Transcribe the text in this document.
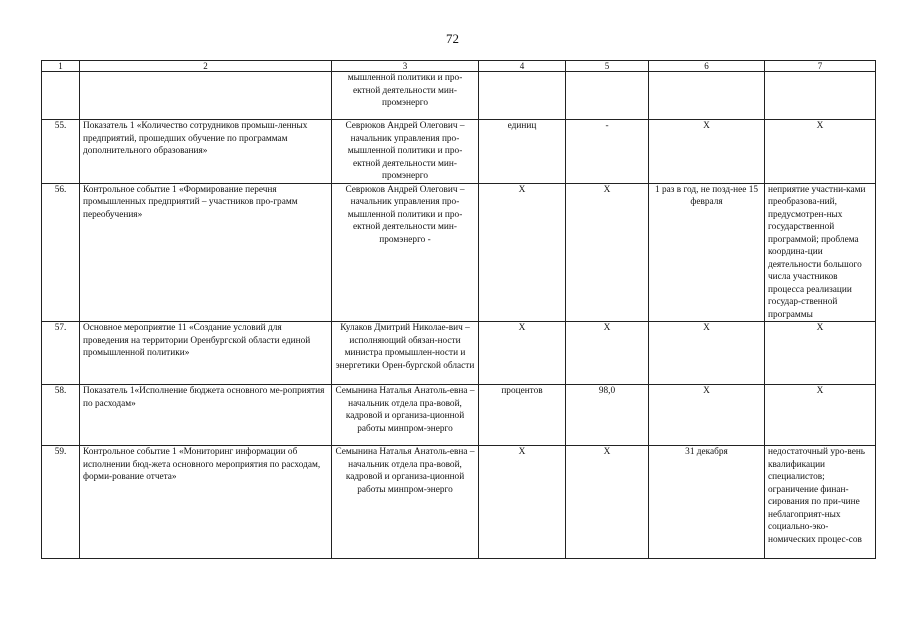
72
1	2	3	4	5	6	7
		мышленной политики и про-ектной деятельности мин-промэнерго				
55.	Показатель 1 «Количество сотрудников промыш-ленных предприятий, прошедших обучение по программам дополнительного образования»	Севрюков Андрей Олегович – начальник управления про-мышленной политики и про-ектной деятельности мин-промэнерго	единиц	-	Х	Х
56.	Контрольное событие 1 «Формирование перечня промышленных предприятий – участников про-грамм переобучения»	Севрюков Андрей Олегович – начальник управления про-мышленной политики и про-ектной деятельности мин-промэнерго -	Х	Х	1 раз в год, не позд-нее 15 февраля	неприятие участни-ками преобразова-ний, предусмотрен-ных государственной программой; проблема координа-ции деятельности большого числа участников процесса реализации государ-ственной программы
57.	Основное мероприятие 11 «Создание условий для проведения на территории Оренбургской области единой промышленной политики»	Кулаков Дмитрий Николае-вич – исполняющий обязан-ности министра промышлен-ности и энергетики Орен-бургской области	Х	Х	Х	Х
58.	Показатель 1«Исполнение бюджета основного ме-роприятия по расходам»	Семынина Наталья Анатоль-евна – начальник отдела пра-вовой, кадровой и организа-ционной работы минпром-энерго	процентов	98,0	Х	Х
59.	Контрольное событие 1 «Мониторинг информации об исполнении бюд-жета основного мероприятия по расходам, форми-рование отчета»	Семынина Наталья Анатоль-евна – начальник отдела пра-вовой, кадровой и организа-ционной работы минпром-энерго	Х	Х	31 декабря	недостаточный уро-вень квалификации специалистов; ограничение финан-сирования по при-чине неблагоприят-ных социально-эко-номических процес-сов
